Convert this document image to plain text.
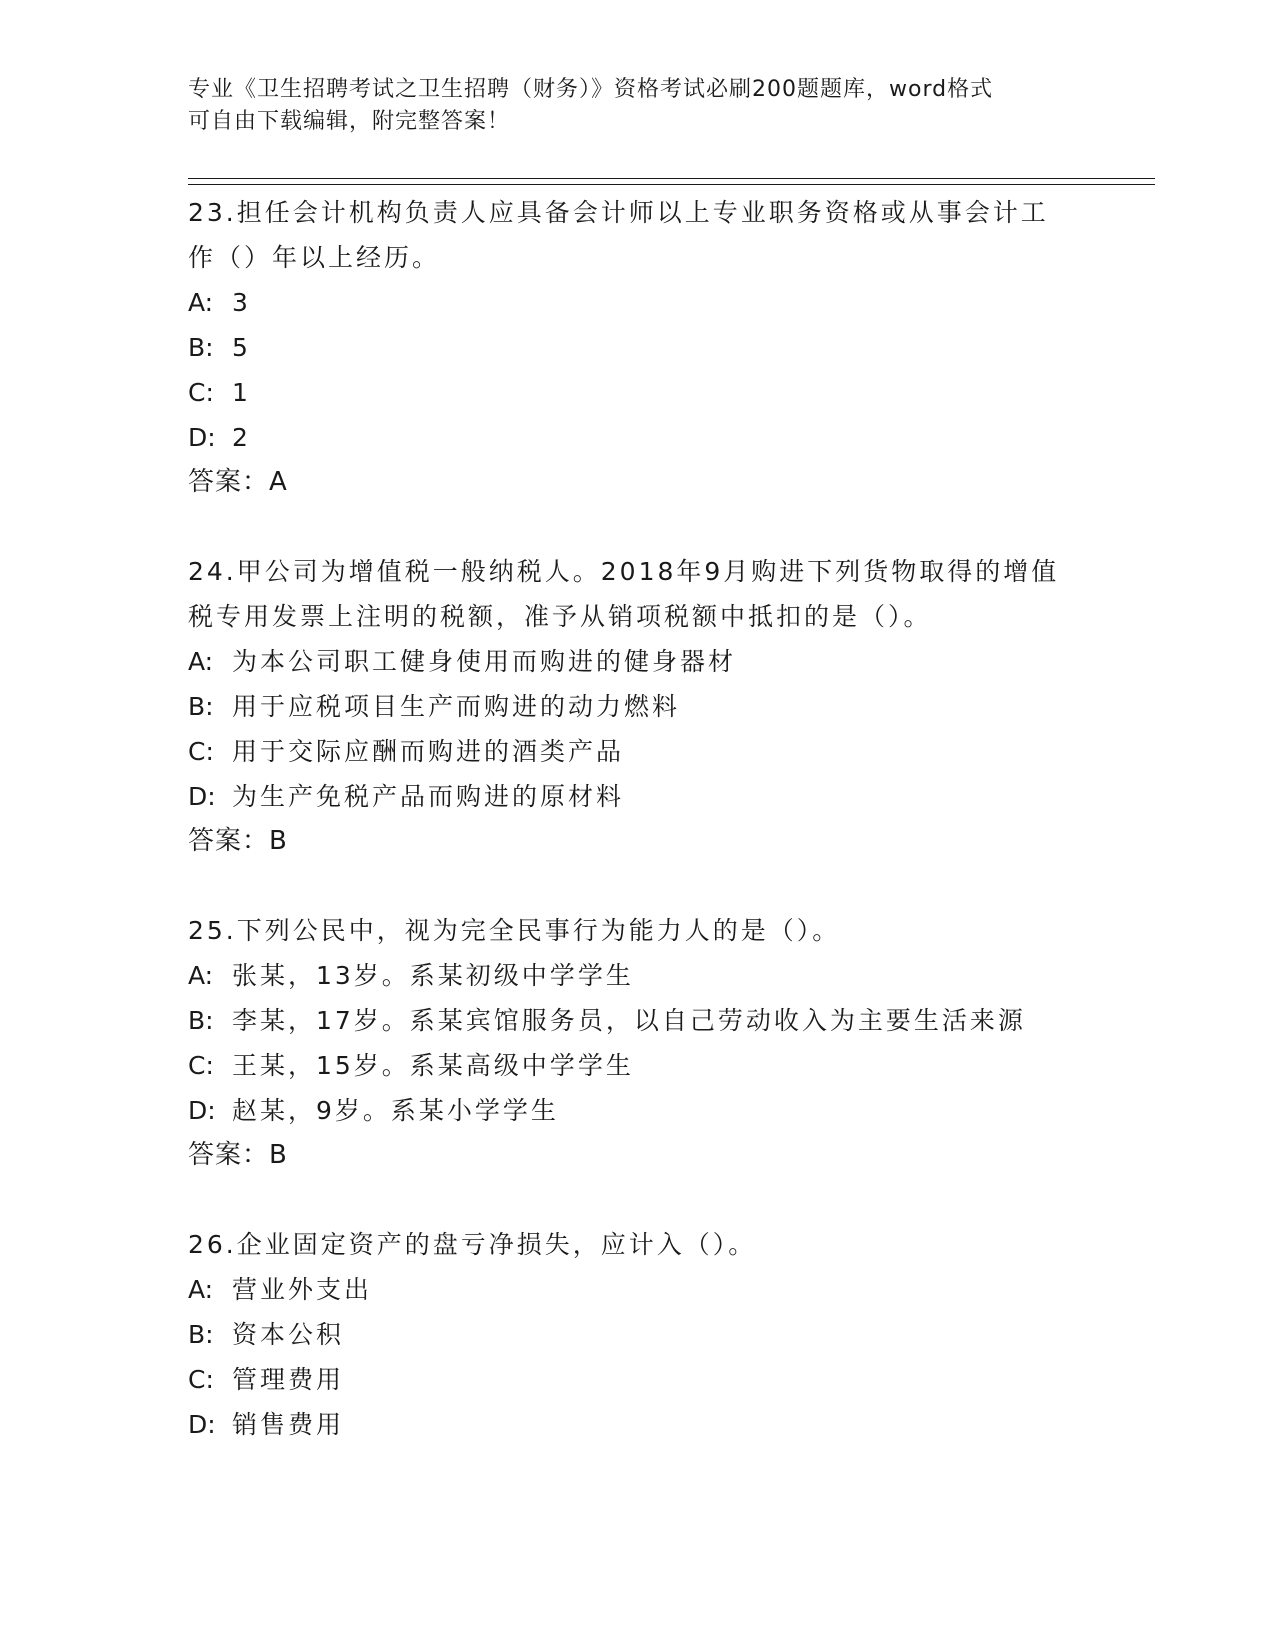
专业《卫生招聘考试之卫生招聘（财务）》资格考试必刷200题题库，word格式
可自由下载编辑，附完整答案！

23.担任会计机构负责人应具备会计师以上专业职务资格或从事会计工
作（）年以上经历。

A: 3
B: 5
C: 1
D: 2

答案：A

24.甲公司为增值税一般纳税人。2018年9月购进下列货物取得的增值
税专用发票上注明的税额，准予从销项税额中抵扣的是（）。

A: 为本公司职工健身使用而购进的健身器材
B: 用于应税项目生产而购进的动力燃料
C: 用于交际应酬而购进的酒类产品
D: 为生产免税产品而购进的原材料

答案：B

25.下列公民中，视为完全民事行为能力人的是（）。

A: 张某，13岁。系某初级中学学生
B: 李某，17岁。系某宾馆服务员，以自己劳动收入为主要生活来源
C: 王某，15岁。系某高级中学学生
D: 赵某，9岁。系某小学学生

答案：B

26.企业固定资产的盘亏净损失，应计入（）。

A: 营业外支出
B: 资本公积
C: 管理费用
D: 销售费用
